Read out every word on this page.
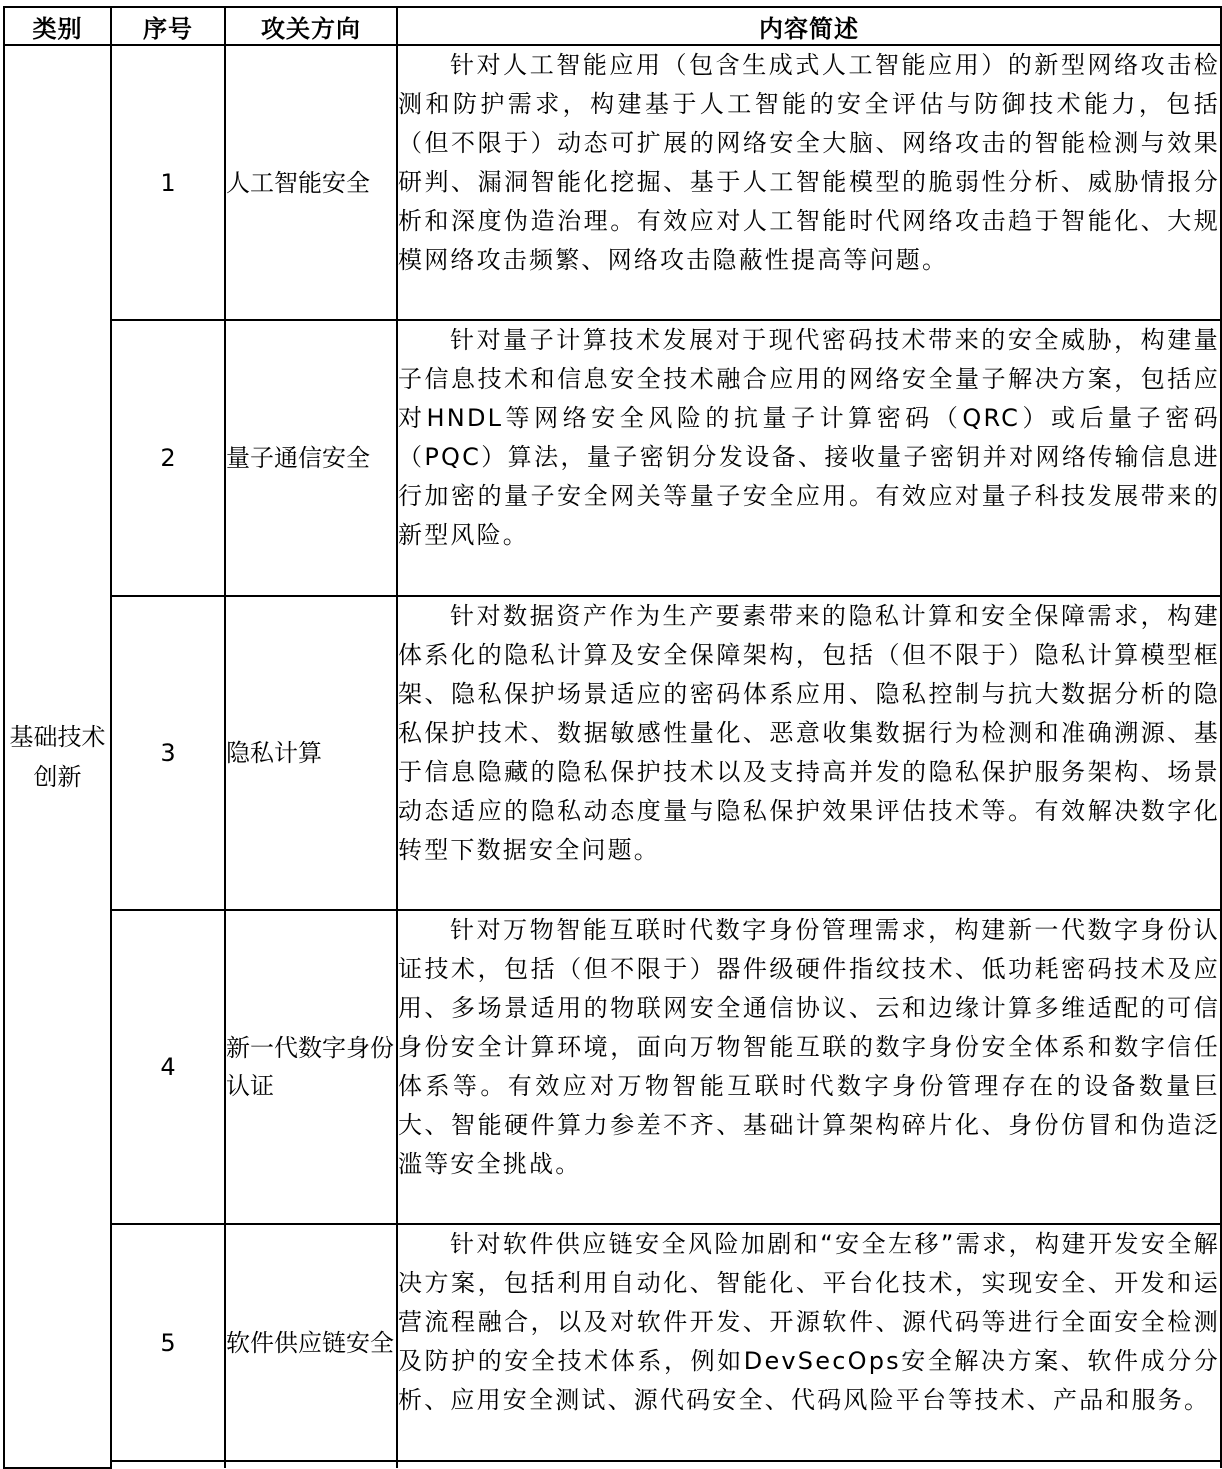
类别	序号	攻关方向	内容简述
基础技术创新	1	人工智能安全	针对人工智能应用（包含生成式人工智能应用）的新型网络攻击检测和防护需求，构建基于人工智能的安全评估与防御技术能力，包括（但不限于）动态可扩展的网络安全大脑、网络攻击的智能检测与效果研判、漏洞智能化挖掘、基于人工智能模型的脆弱性分析、威胁情报分析和深度伪造治理。有效应对人工智能时代网络攻击趋于智能化、大规模网络攻击频繁、网络攻击隐蔽性提高等问题。
	2	量子通信安全	针对量子计算技术发展对于现代密码技术带来的安全威胁，构建量子信息技术和信息安全技术融合应用的网络安全量子解决方案，包括应对HNDL等网络安全风险的抗量子计算密码（QRC）或后量子密码（PQC）算法，量子密钥分发设备、接收量子密钥并对网络传输信息进行加密的量子安全网关等量子安全应用。有效应对量子科技发展带来的新型风险。
	3	隐私计算	针对数据资产作为生产要素带来的隐私计算和安全保障需求，构建体系化的隐私计算及安全保障架构，包括（但不限于）隐私计算模型框架、隐私保护场景适应的密码体系应用、隐私控制与抗大数据分析的隐私保护技术、数据敏感性量化、恶意收集数据行为检测和准确溯源、基于信息隐藏的隐私保护技术以及支持高并发的隐私保护服务架构、场景动态适应的隐私动态度量与隐私保护效果评估技术等。有效解决数字化转型下数据安全问题。
	4	新一代数字身份认证	针对万物智能互联时代数字身份管理需求，构建新一代数字身份认证技术，包括（但不限于）器件级硬件指纹技术、低功耗密码技术及应用、多场景适用的物联网安全通信协议、云和边缘计算多维适配的可信身份安全计算环境，面向万物智能互联的数字身份安全体系和数字信任体系等。有效应对万物智能互联时代数字身份管理存在的设备数量巨大、智能硬件算力参差不齐、基础计算架构碎片化、身份仿冒和伪造泛滥等安全挑战。
	5	软件供应链安全	针对软件供应链安全风险加剧和“安全左移”需求，构建开发安全解决方案，包括利用自动化、智能化、平台化技术，实现安全、开发和运营流程融合，以及对软件开发、开源软件、源代码等进行全面安全检测及防护的安全技术体系，例如DevSecOps安全解决方案、软件成分分析、应用安全测试、源代码安全、代码风险平台等技术、产品和服务。
